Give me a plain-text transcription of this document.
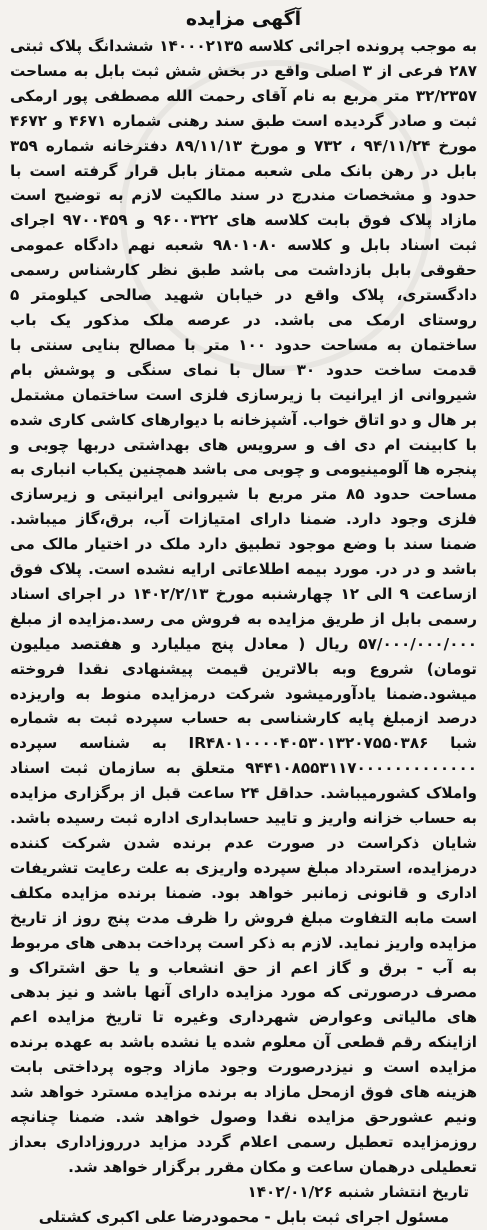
آگهی مزایده

به موجب پرونده اجرائی کلاسه ۱۴۰۰۰۲۱۳۵ ششدانگ پلاک ثبتی ۲۸۷ فرعی از ۳ اصلی واقع در بخش شش ثبت بابل به مساحت ۳۲/۲۳۵۷ متر مربع به نام آقای رحمت الله مصطفی پور ارمکی ثبت و صادر گردیده است طبق سند رهنی شماره ۴۶۷۱ و ۴۶۷۲ مورخ ۹۴/۱۱/۲۴ ، ۷۳۲ و مورخ ۸۹/۱۱/۱۳ دفترخانه شماره ۳۵۹ بابل در رهن بانک ملی شعبه ممتاز بابل قرار گرفته است با حدود و مشخصات مندرج در سند مالکیت لازم به توضیح است مازاد پلاک فوق بابت کلاسه های ۹۶۰۰۳۲۲ و ۹۷۰۰۴۵۹ اجرای ثبت اسناد بابل و کلاسه ۹۸۰۱۰۸۰ شعبه نهم دادگاه عمومی حقوقی بابل بازداشت می باشد طبق نظر کارشناس رسمی دادگستری، پلاک واقع در خیابان شهید صالحی کیلومتر ۵ روستای ارمک می باشد. در عرصه ملک مذکور یک باب ساختمان به مساحت حدود ۱۰۰ متر با مصالح بنایی سنتی با قدمت ساخت حدود ۳۰ سال با نمای سنگی و پوشش بام شیروانی از ایرانیت با زیرسازی فلزی است ساختمان مشتمل بر هال و دو اتاق خواب. آشپزخانه با دیوارهای کاشی کاری شده با کابینت ام دی اف و سرویس های بهداشتی دربها چوبی و پنجره ها آلومینیومی و چوبی می باشد همچنین یکباب انباری به مساحت حدود ۸۵ متر مربع با شیروانی ایرانیتی و زیرسازی فلزی وجود دارد. ضمنا دارای امتیازات آب، برق،گاز میباشد. ضمنا سند با وضع موجود تطبیق دارد ملک در اختیار مالک می باشد و در در. مورد بیمه اطلاعاتی ارایه نشده است. پلاک فوق ازساعت ۹ الی ۱۲ چهارشنبه مورخ ۱۴۰۲/۲/۱۳ در اجرای اسناد رسمی بابل از طریق مزایده به فروش می رسد.مزایده از مبلغ ۵۷/۰۰۰/۰۰۰/۰۰۰ ریال ( معادل پنج میلیارد و هفتصد میلیون تومان) شروع وبه بالاترین قیمت پیشنهادی نقدا فروخته میشود.ضمنا یادآورمیشود شرکت درمزایده منوط به واریزده درصد ازمبلغ پایه کارشناسی به حساب سپرده ثبت به شماره شبا IR۴۸۰۱۰۰۰۰۴۰۵۳۰۱۳۲۰۷۵۵۰۳۸۶ به شناسه سپرده ۹۴۴۱۰۸۵۵۳۱۱۷۰۰۰۰۰۰۰۰۰۰۰۰۰ متعلق به سازمان ثبت اسناد واملاک کشورمیباشد. حداقل ۲۴ ساعت قبل از برگزاری مزایده به حساب خزانه واریز و تایید حسابداری اداره ثبت رسیده باشد. شایان ذکراست در صورت عدم برنده شدن شرکت کننده درمزایده، استرداد مبلغ سپرده واریزی به علت رعایت تشریفات اداری و قانونی زمانبر خواهد بود. ضمنا برنده مزایده مکلف است مابه التفاوت مبلغ فروش را ظرف مدت پنج روز از تاریخ مزایده واریز نماید. لازم به ذکر است پرداخت بدهی های مربوط به آب - برق و گاز اعم از حق انشعاب و یا حق اشتراک و مصرف درصورتی که مورد مزایده دارای آنها باشد و نیز بدهی های مالیاتی وعوارض شهرداری وغیره تا تاریخ مزایده اعم ازاینکه رقم قطعی آن معلوم شده یا نشده باشد به عهده برنده مزایده است و نیزدرصورت وجود مازاد وجوه پرداختی بابت هزینه های فوق ازمحل مازاد به برنده مزایده مسترد خواهد شد ونیم عشورحق مزایده نقدا وصول خواهد شد. ضمنا چنانچه روزمزایده تعطیل رسمی اعلام گردد مزاید درروزاداری بعداز تعطیلی درهمان ساعت و مکان مقرر برگزار خواهد شد.

تاریخ انتشار شنبه ۱۴۰۲/۰۱/۲۶
مسئول اجرای ثبت بابل - محمودرضا علی اکبری کشتلی
